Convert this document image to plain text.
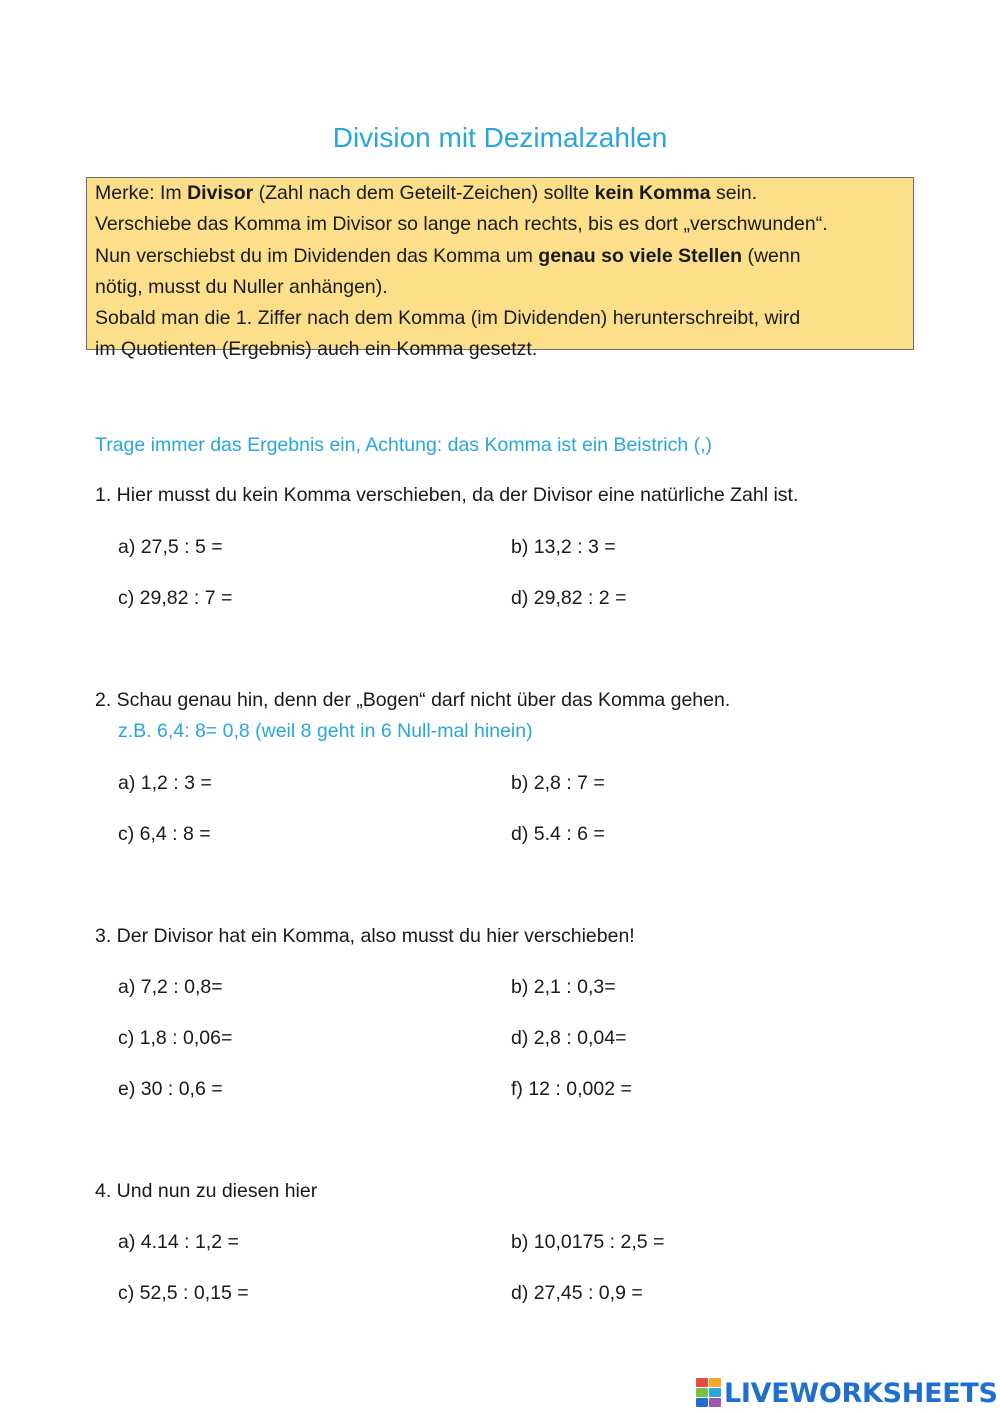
Division mit Dezimalzahlen
Merke: Im Divisor (Zahl nach dem Geteilt-Zeichen) sollte kein Komma sein.
Verschiebe das Komma im Divisor so lange nach rechts, bis es dort „verschwunden“.
Nun verschiebst du im Dividenden das Komma um genau so viele Stellen (wenn
nötig, musst du Nuller anhängen).
Sobald man die 1. Ziffer nach dem Komma (im Dividenden) herunterschreibt, wird
im Quotienten (Ergebnis) auch ein Komma gesetzt.
Trage immer das Ergebnis ein, Achtung: das Komma ist ein Beistrich (,)
1. Hier musst du kein Komma verschieben, da der Divisor eine natürliche Zahl ist.
a) 27,5 : 5 =	b) 13,2 : 3 =
c) 29,82 : 7 =	d) 29,82 : 2 =
2. Schau genau hin, denn der „Bogen“ darf nicht über das Komma gehen.
z.B. 6,4: 8= 0,8 (weil 8 geht in 6 Null-mal hinein)
a) 1,2 : 3 =	b) 2,8 : 7 =
c) 6,4 : 8 =	d) 5.4 : 6 =
3. Der Divisor hat ein Komma, also musst du hier verschieben!
a) 7,2 : 0,8=	b) 2,1 : 0,3=
c) 1,8 : 0,06=	d) 2,8 : 0,04=
e) 30 : 0,6 =	f) 12 : 0,002 =
4. Und nun zu diesen hier
a) 4.14 : 1,2 =	b) 10,0175 : 2,5 =
c) 52,5 : 0,15 =	d) 27,45 : 0,9 =
LIVEWORKSHEETS
